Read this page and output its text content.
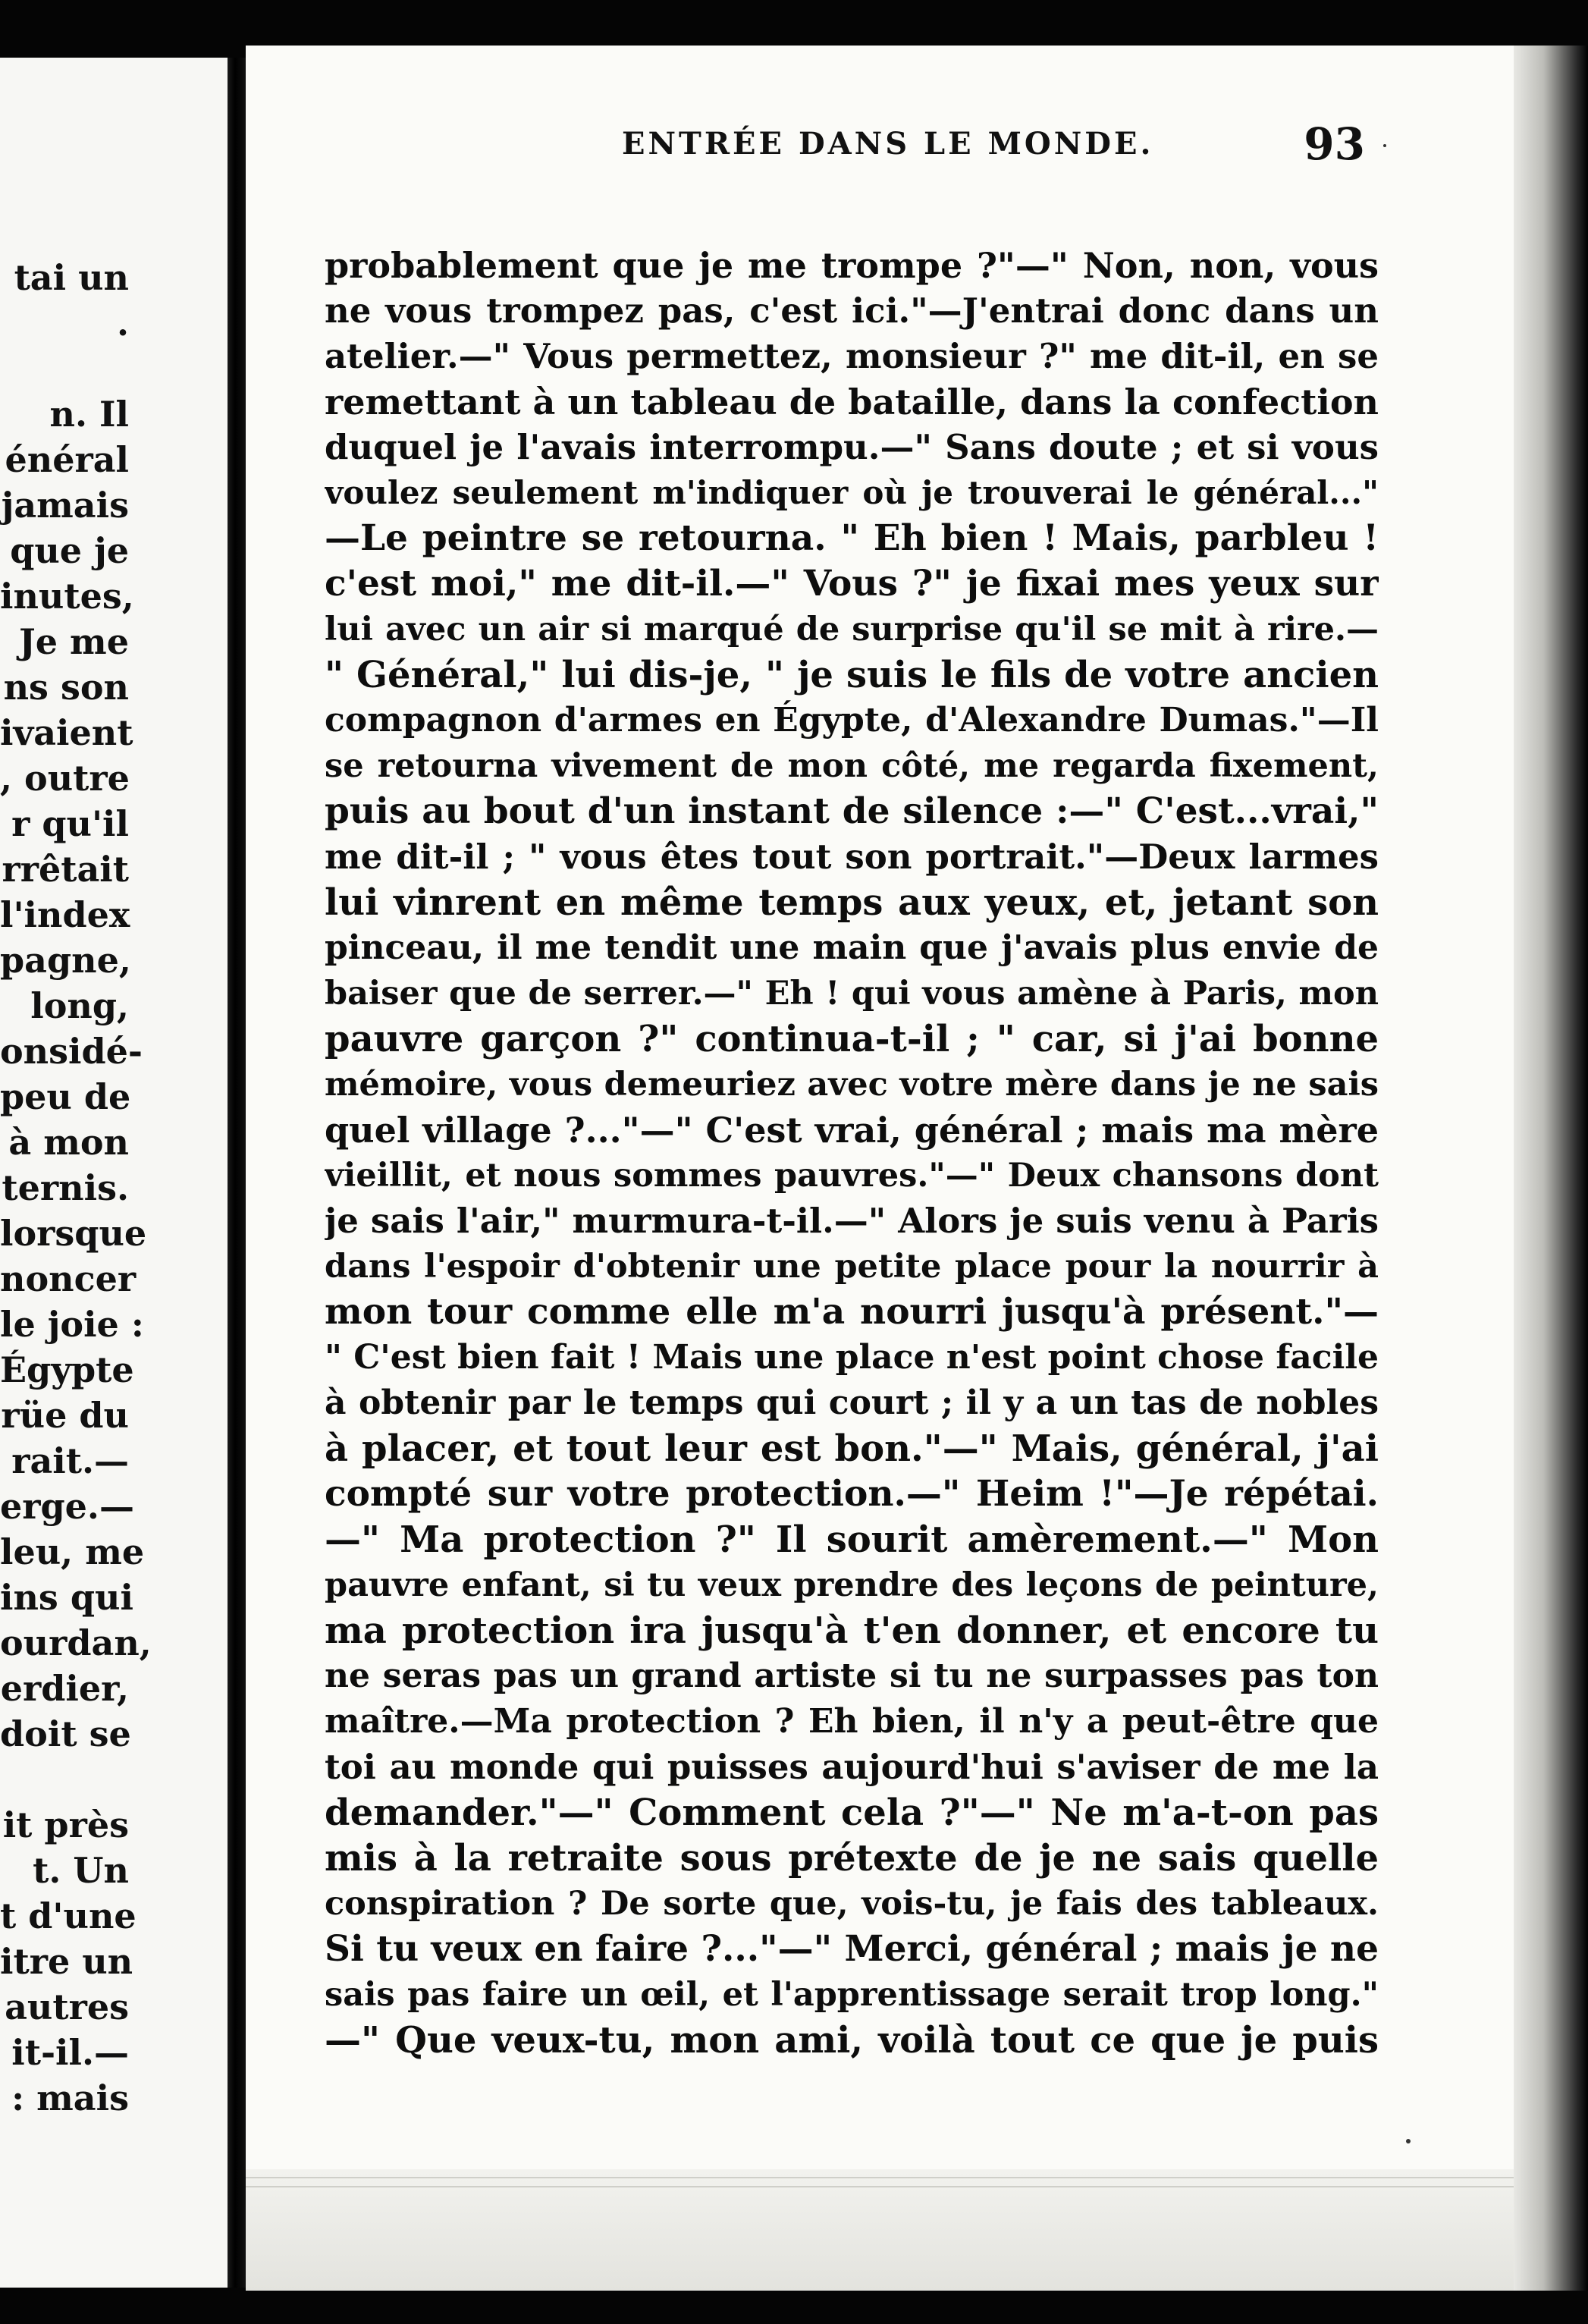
tai un
.
n. Il
énéral
jamais
que je
inutes,
Je me
ns son
ivaient
, outre
r qu'il
rrêtait
l'index
pagne,
long,
onsidé-
peu de
à mon
ternis.
lorsque
noncer
le joie :
Égypte
rüe du
rait.—
erge.—
leu, me
ins qui
ourdan,
erdier,
doit se
it près
t. Un
t d'une
itre un
autres
it-il.—
: mais
ENTRÉE DANS LE MONDE.	93
probablement que je me trompe ?"—" Non, non, vous
ne vous trompez pas, c'est ici."—J'entrai donc dans un
atelier.—" Vous permettez, monsieur ?" me dit-il, en se
remettant à un tableau de bataille, dans la confection
duquel je l'avais interrompu.—" Sans doute ; et si vous
voulez seulement m'indiquer où je trouverai le général..."
—Le peintre se retourna. " Eh bien ! Mais, parbleu !
c'est moi," me dit-il.—" Vous ?" je fixai mes yeux sur
lui avec un air si marqué de surprise qu'il se mit à rire.—
" Général," lui dis-je, " je suis le fils de votre ancien
compagnon d'armes en Égypte, d'Alexandre Dumas."—Il
se retourna vivement de mon côté, me regarda fixement,
puis au bout d'un instant de silence :—" C'est...vrai,"
me dit-il ; " vous êtes tout son portrait."—Deux larmes
lui vinrent en même temps aux yeux, et, jetant son
pinceau, il me tendit une main que j'avais plus envie de
baiser que de serrer.—" Eh ! qui vous amène à Paris, mon
pauvre garçon ?" continua-t-il ; " car, si j'ai bonne
mémoire, vous demeuriez avec votre mère dans je ne sais
quel village ?..."—" C'est vrai, général ; mais ma mère
vieillit, et nous sommes pauvres."—" Deux chansons dont
je sais l'air," murmura-t-il.—" Alors je suis venu à Paris
dans l'espoir d'obtenir une petite place pour la nourrir à
mon tour comme elle m'a nourri jusqu'à présent."—
" C'est bien fait ! Mais une place n'est point chose facile
à obtenir par le temps qui court ; il y a un tas de nobles
à placer, et tout leur est bon."—" Mais, général, j'ai
compté sur votre protection.—" Heim !"—Je répétai.
—" Ma protection ?" Il sourit amèrement.—" Mon
pauvre enfant, si tu veux prendre des leçons de peinture,
ma protection ira jusqu'à t'en donner, et encore tu
ne seras pas un grand artiste si tu ne surpasses pas ton
maître.—Ma protection ? Eh bien, il n'y a peut-être que
toi au monde qui puisses aujourd'hui s'aviser de me la
demander."—" Comment cela ?"—" Ne m'a-t-on pas
mis à la retraite sous prétexte de je ne sais quelle
conspiration ? De sorte que, vois-tu, je fais des tableaux.
Si tu veux en faire ?..."—" Merci, général ; mais je ne
sais pas faire un œil, et l'apprentissage serait trop long."
—" Que veux-tu, mon ami, voilà tout ce que je puis
